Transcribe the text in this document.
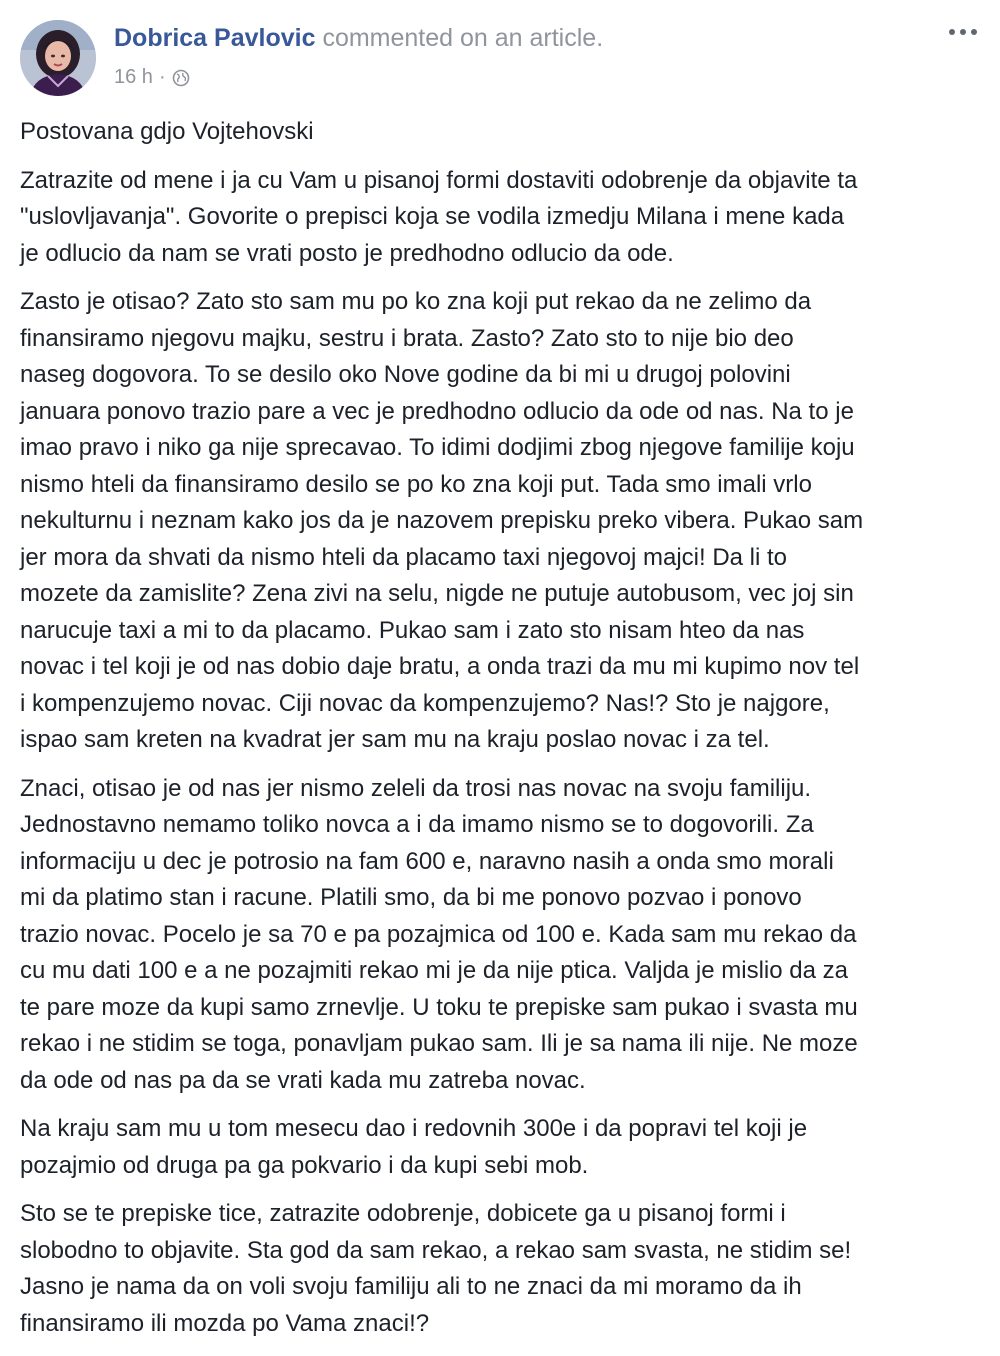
Dobrica Pavlovic commented on an article.
16 h ·

Postovana gdjo Vojtehovski

Zatrazite od mene i ja cu Vam u pisanoj formi dostaviti odobrenje da objavite ta
"uslovljavanja". Govorite o prepisci koja se vodila izmedju Milana i mene kada
je odlucio da nam se vrati posto je predhodno odlucio da ode.

Zasto je otisao? Zato sto sam mu po ko zna koji put rekao da ne zelimo da
finansiramo njegovu majku, sestru i brata. Zasto? Zato sto to nije bio deo
naseg dogovora. To se desilo oko Nove godine da bi mi u drugoj polovini
januara ponovo trazio pare a vec je predhodno odlucio da ode od nas. Na to je
imao pravo i niko ga nije sprecavao. To idimi dodjimi zbog njegove familije koju
nismo hteli da finansiramo desilo se po ko zna koji put. Tada smo imali vrlo
nekulturnu i neznam kako jos da je nazovem prepisku preko vibera. Pukao sam
jer mora da shvati da nismo hteli da placamo taxi njegovoj majci! Da li to
mozete da zamislite? Zena zivi na selu, nigde ne putuje autobusom, vec joj sin
narucuje taxi a mi to da placamo. Pukao sam i zato sto nisam hteo da nas
novac i tel koji je od nas dobio daje bratu, a onda trazi da mu mi kupimo nov tel
i kompenzujemo novac. Ciji novac da kompenzujemo? Nas!? Sto je najgore,
ispao sam kreten na kvadrat jer sam mu na kraju poslao novac i za tel.

Znaci, otisao je od nas jer nismo zeleli da trosi nas novac na svoju familiju.
Jednostavno nemamo toliko novca a i da imamo nismo se to dogovorili. Za
informaciju u dec je potrosio na fam 600 e, naravno nasih a onda smo morali
mi da platimo stan i racune. Platili smo, da bi me ponovo pozvao i ponovo
trazio novac. Pocelo je sa 70 e pa pozajmica od 100 e. Kada sam mu rekao da
cu mu dati 100 e a ne pozajmiti rekao mi je da nije ptica. Valjda je mislio da za
te pare moze da kupi samo zrnevlje. U toku te prepiske sam pukao i svasta mu
rekao i ne stidim se toga, ponavljam pukao sam. Ili je sa nama ili nije. Ne moze
da ode od nas pa da se vrati kada mu zatreba novac.

Na kraju sam mu u tom mesecu dao i redovnih 300e i da popravi tel koji je
pozajmio od druga pa ga pokvario i da kupi sebi mob.

Sto se te prepiske tice, zatrazite odobrenje, dobicete ga u pisanoj formi i
slobodno to objavite. Sta god da sam rekao, a rekao sam svasta, ne stidim se!
Jasno je nama da on voli svoju familiju ali to ne znaci da mi moramo da ih
finansiramo ili mozda po Vama znaci!?
